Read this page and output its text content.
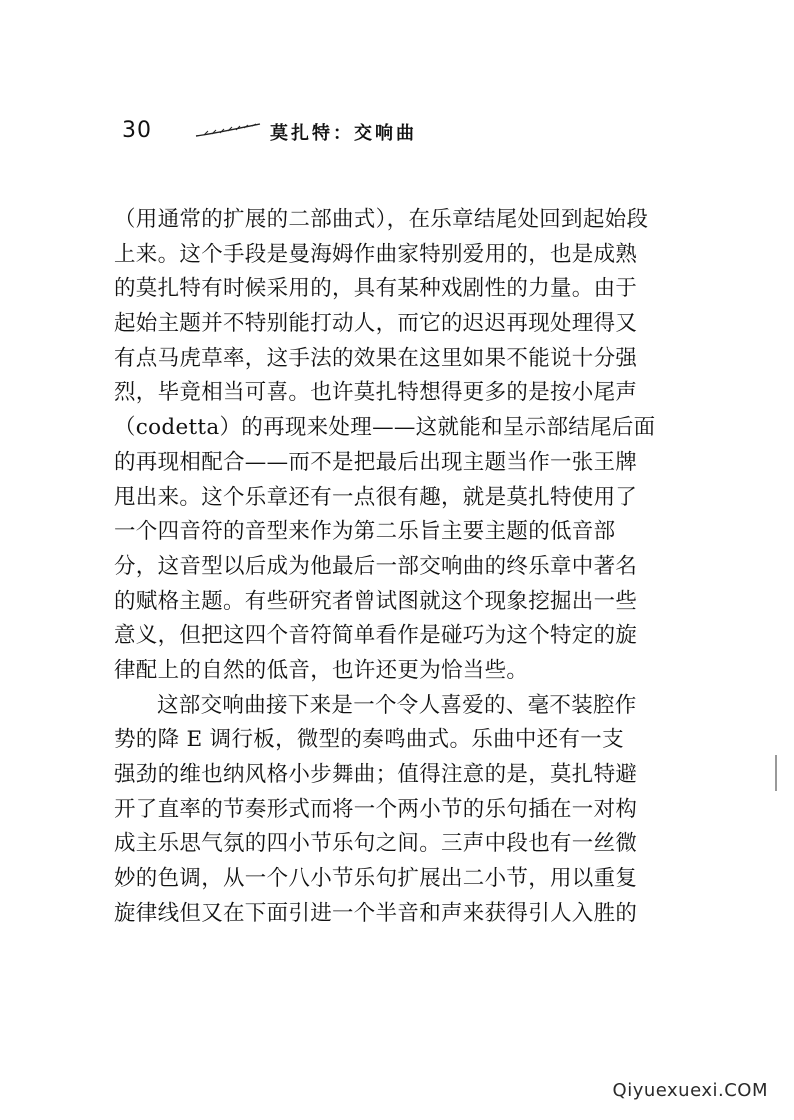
30	莫扎特：交响曲
（用通常的扩展的二部曲式），在乐章结尾处回到起始段
上来。这个手段是曼海姆作曲家特别爱用的，也是成熟
的莫扎特有时候采用的，具有某种戏剧性的力量。由于
起始主题并不特别能打动人，而它的迟迟再现处理得又
有点马虎草率，这手法的效果在这里如果不能说十分强
烈，毕竟相当可喜。也许莫扎特想得更多的是按小尾声
（codetta）的再现来处理——这就能和呈示部结尾后面
的再现相配合——而不是把最后出现主题当作一张王牌
甩出来。这个乐章还有一点很有趣，就是莫扎特使用了
一个四音符的音型来作为第二乐旨主要主题的低音部
分，这音型以后成为他最后一部交响曲的终乐章中著名
的赋格主题。有些研究者曾试图就这个现象挖掘出一些
意义，但把这四个音符简单看作是碰巧为这个特定的旋
律配上的自然的低音，也许还更为恰当些。
这部交响曲接下来是一个令人喜爱的、毫不装腔作
势的降 E 调行板，微型的奏鸣曲式。乐曲中还有一支
强劲的维也纳风格小步舞曲；值得注意的是，莫扎特避
开了直率的节奏形式而将一个两小节的乐句插在一对构
成主乐思气氛的四小节乐句之间。三声中段也有一丝微
妙的色调，从一个八小节乐句扩展出二小节，用以重复
旋律线但又在下面引进一个半音和声来获得引人入胜的
Qiyuexuexi.COM
